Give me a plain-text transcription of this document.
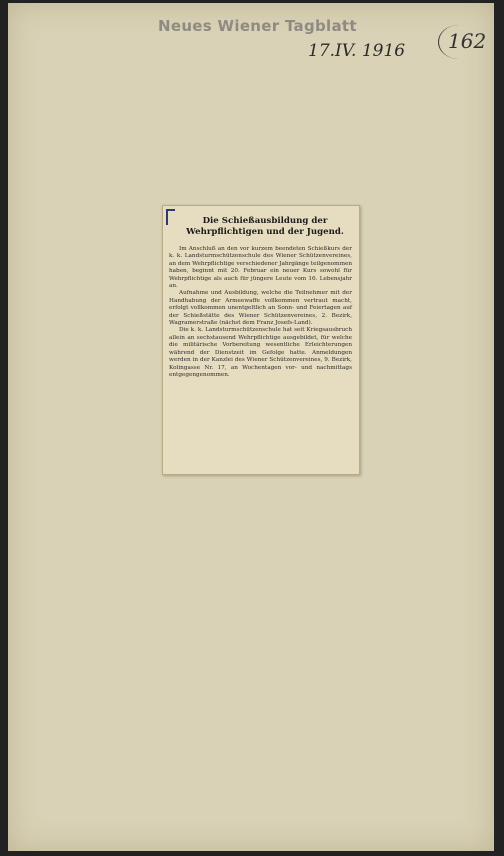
Neues Wiener Tagblatt
17.IV. 1916 162
Die Schießausbildung der Wehrpflichtigen und der Jugend.

Im Anschluß an den vor kurzem beendeten Schießkurs der k. k. Landsturmschützenschule des Wiener Schützenvereines, an dem Wehrpflichtige verschiedener Jahrgänge teilgenommen haben, beginnt mit 20. Februar ein neuer Kurs sowohl für Wehrpflichtige als auch für jüngere Leute vom 16. Lebensjahr an.

Aufnahme und Ausbildung, welche die Teilnehmer mit der Handhabung der Armeewaffe vollkommen vertraut macht, erfolgt vollkommen unentgeltlich an Sonn- und Feiertagen auf der Schießstätte des Wiener Schützenvereines, 2. Bezirk, Wagramerstraße (nächst dem Franz Josefs-Land).

Die k. k. Landsturmschützenschule hat seit Kriegsausbruch allein an sechstausend Wehrpflichtige ausgebildet, für welche die militärische Vorbereitung wesentliche Erleichterungen während der Dienstzeit im Gefolge hatte. Anmeldungen werden in der Kanzlei des Wiener Schützenvereines, 9. Bezirk, Kolingasse Nr. 17, an Wochentagen vor- und nachmittags entgegengenommen.
